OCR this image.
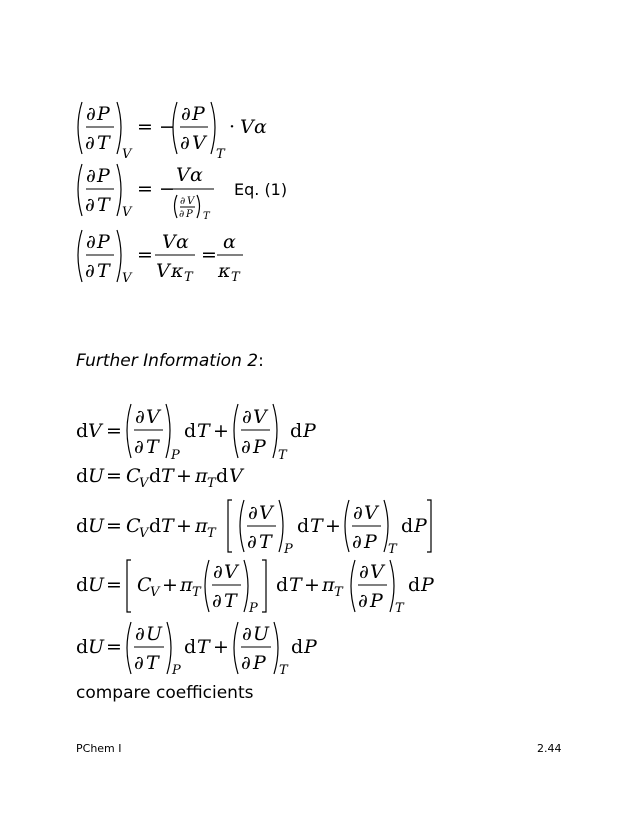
∂ P
∂ T
V
= −
∂ P
∂ V
T
· V α
∂ P
∂ T V
= −
V α
∂ V
∂ P T
Eq. (1)
∂ P
∂ T V
=
V α
V κ T
=
α
κ T
d V =
∂ V
∂ T P
d T +
∂ V
∂ P T
d P
d U = C
V d T + π T d V
d U = C
V d T + π T
∂ V
∂ T P
d T +
∂ V
∂ P T
d P
d U = C
V + π T
∂ V
∂ T P
d T + π T
∂ V
∂ P T
d P
d U =
∂ U
∂ T P
d T +
∂ U
∂ P T
d P
Further Information 2:
compare coefficients
PChem I	2.44
